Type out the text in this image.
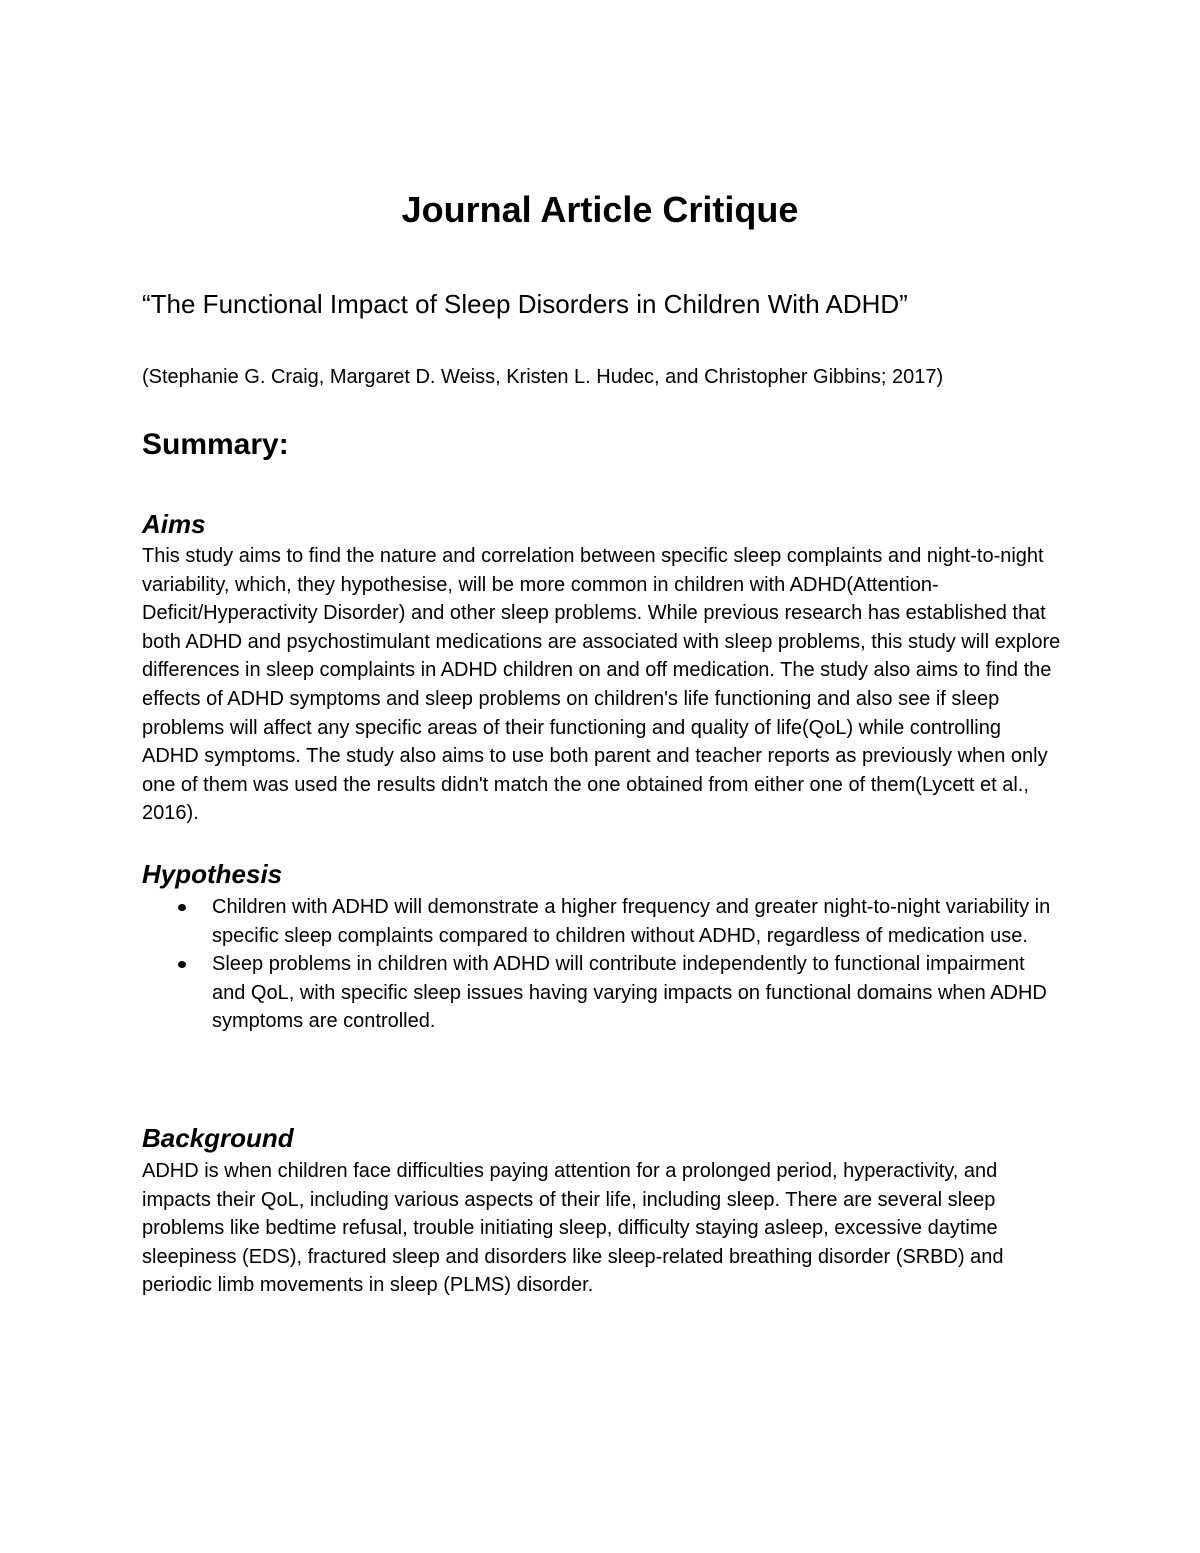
Journal Article Critique

“The Functional Impact of Sleep Disorders in Children With ADHD”

(Stephanie G. Craig, Margaret D. Weiss, Kristen L. Hudec, and Christopher Gibbins; 2017)

Summary:
Aims

This study aims to find the nature and correlation between specific sleep complaints and night-to-night variability, which, they hypothesise, will be more common in children with ADHD(Attention-Deficit/Hyperactivity Disorder) and other sleep problems. While previous research has established that both ADHD and psychostimulant medications are associated with sleep problems, this study will explore differences in sleep complaints in ADHD children on and off medication. The study also aims to find the effects of ADHD symptoms and sleep problems on children's life functioning and also see if sleep problems will affect any specific areas of their functioning and quality of life(QoL) while controlling ADHD symptoms. The study also aims to use both parent and teacher reports as previously when only one of them was used the results didn't match the one obtained from either one of them(Lycett et al., 2016).

Hypothesis
Children with ADHD will demonstrate a higher frequency and greater night-to-night variability in specific sleep complaints compared to children without ADHD, regardless of medication use.
Sleep problems in children with ADHD will contribute independently to functional impairment and QoL, with specific sleep issues having varying impacts on functional domains when ADHD symptoms are controlled.
Background

ADHD is when children face difficulties paying attention for a prolonged period, hyperactivity, and impacts their QoL, including various aspects of their life, including sleep. There are several sleep problems like bedtime refusal, trouble initiating sleep, difficulty staying asleep, excessive daytime sleepiness (EDS), fractured sleep and disorders like sleep-related breathing disorder (SRBD) and periodic limb movements in sleep (PLMS) disorder.
